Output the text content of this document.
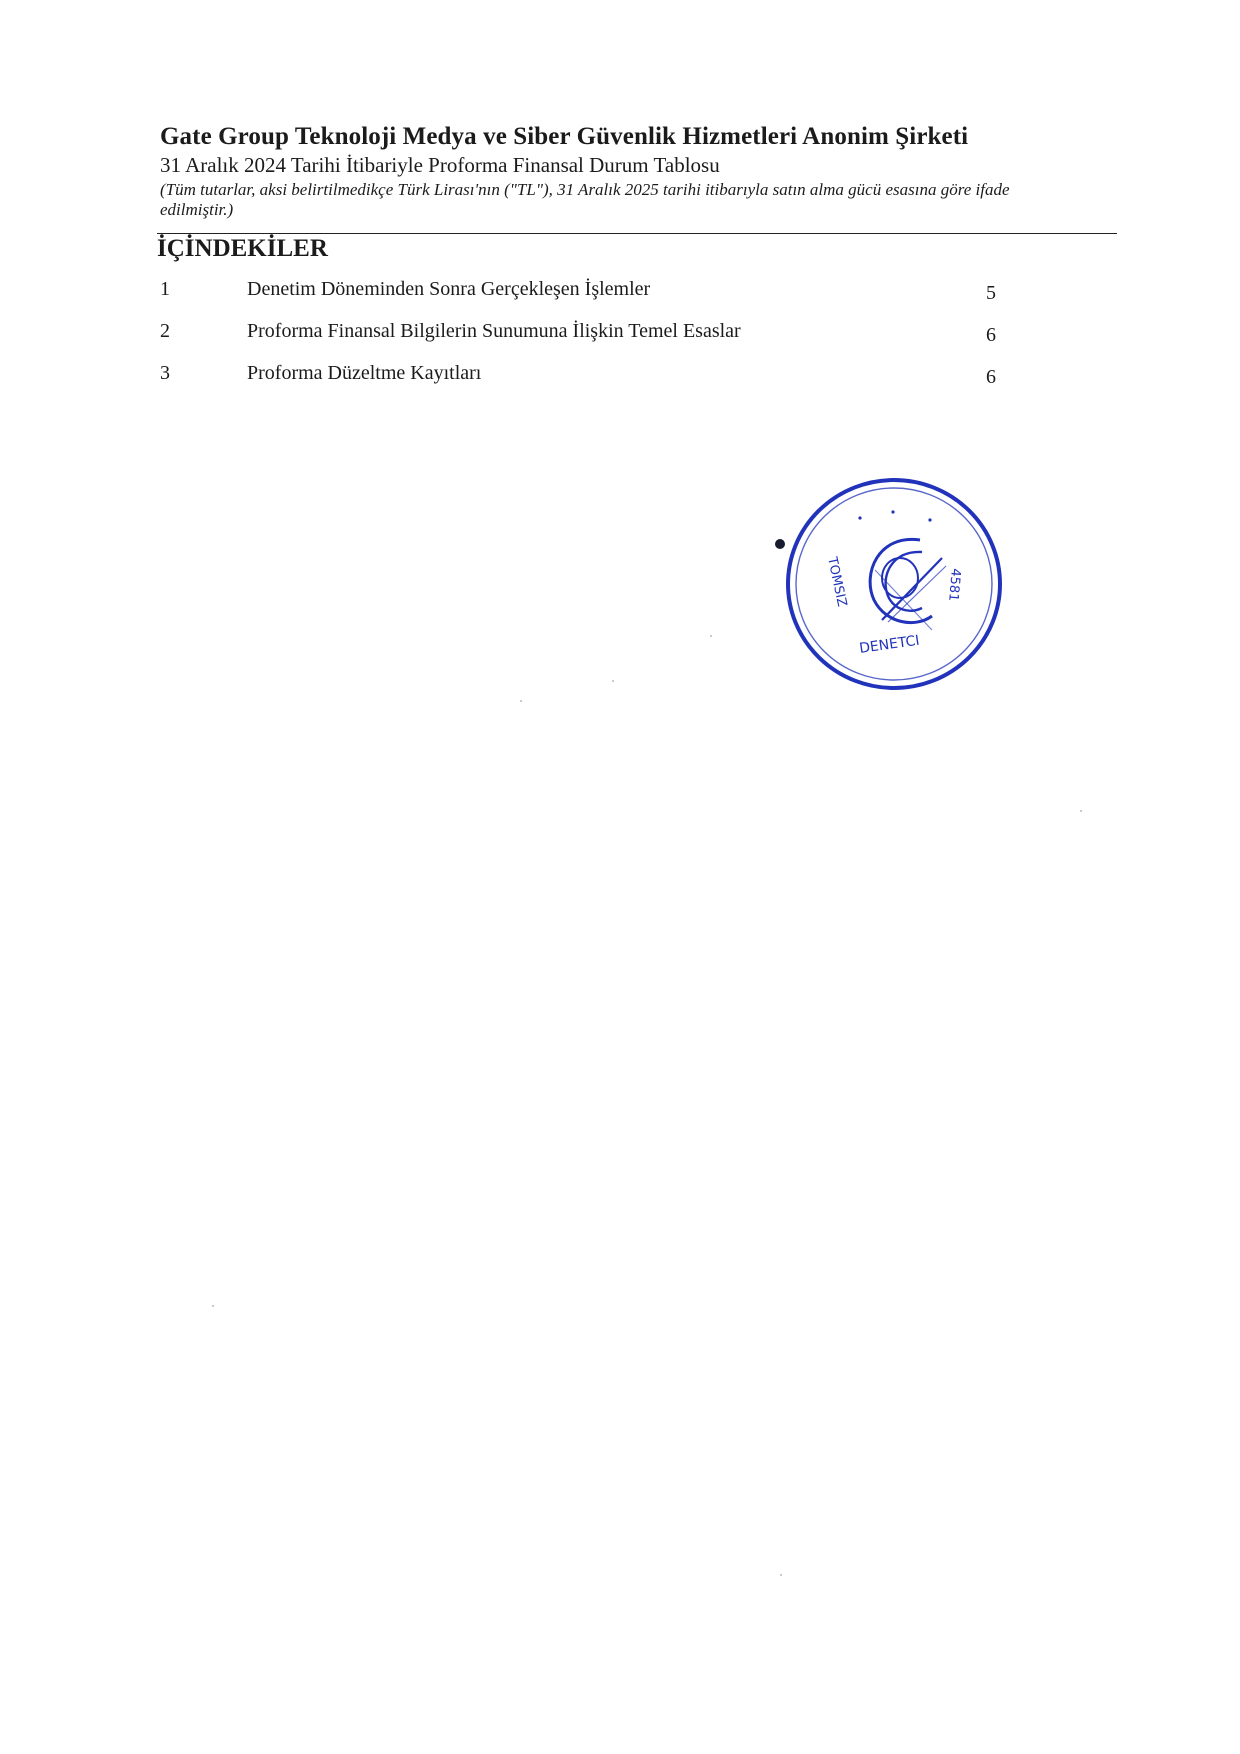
Gate Group Teknoloji Medya ve Siber Güvenlik Hizmetleri Anonim Şirketi

31 Aralık 2024 Tarihi İtibariyle Proforma Finansal Durum Tablosu

(Tüm tutarlar, aksi belirtilmedikçe Türk Lirası'nın ("TL"), 31 Aralık 2025 tarihi itibarıyla satın alma gücü esasına göre ifade edilmiştir.)

İÇİNDEKİLER
1	Denetim Döneminden Sonra Gerçekleşen İşlemler	5
2	Proforma Finansal Bilgilerin Sunumuna İlişkin Temel Esaslar	6
3	Proforma Düzeltme Kayıtları	6
TOMSIZ
DENETCI
4581
